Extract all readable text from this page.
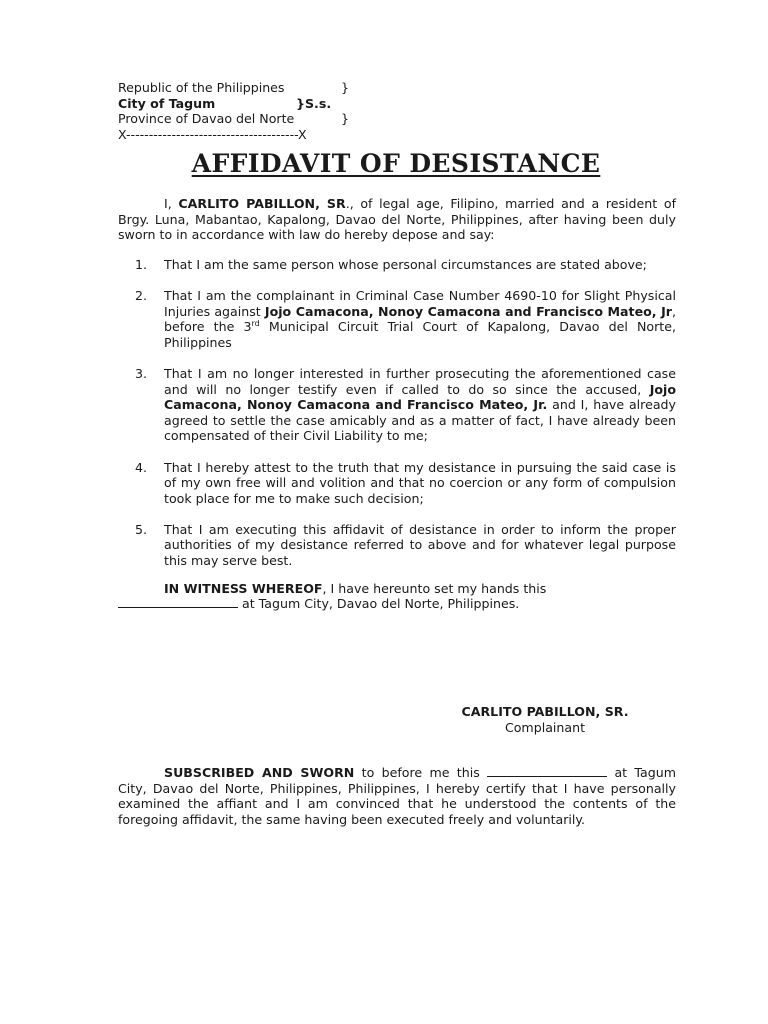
Republic of the Philippines	}
City of Tagum	}S.s.
Province of Davao del Norte	}
X--------------------------------------X
AFFIDAVIT OF DESISTANCE

I, CARLITO PABILLON, SR., of legal age, Filipino, married and a resident of Brgy. Luna, Mabantao, Kapalong, Davao del Norte, Philippines, after having been duly sworn to in accordance with law do hereby depose and say:

1. That I am the same person whose personal circumstances are stated above;
2. That I am the complainant in Criminal Case Number 4690-10 for Slight Physical Injuries against Jojo Camacona, Nonoy Camacona and Francisco Mateo, Jr, before the 3rd Municipal Circuit Trial Court of Kapalong, Davao del Norte, Philippines
3. That I am no longer interested in further prosecuting the aforementioned case and will no longer testify even if called to do so since the accused, Jojo Camacona, Nonoy Camacona and Francisco Mateo, Jr. and I, have already agreed to settle the case amicably and as a matter of fact, I have already been compensated of their Civil Liability to me;
4. That I hereby attest to the truth that my desistance in pursuing the said case is of my own free will and volition and that no coercion or any form of compulsion took place for me to make such decision;
5. That I am executing this affidavit of desistance in order to inform the proper authorities of my desistance referred to above and for whatever legal purpose this may serve best.

IN WITNESS WHEREOF, I have hereunto set my hands this
at Tagum City, Davao del Norte, Philippines.

CARLITO PABILLON, SR.
Complainant

SUBSCRIBED AND SWORN to before me this	at Tagum City, Davao del Norte, Philippines, Philippines, I hereby certify that I have personally examined the affiant and I am convinced that he understood the contents of the foregoing affidavit, the same having been executed freely and voluntarily.
